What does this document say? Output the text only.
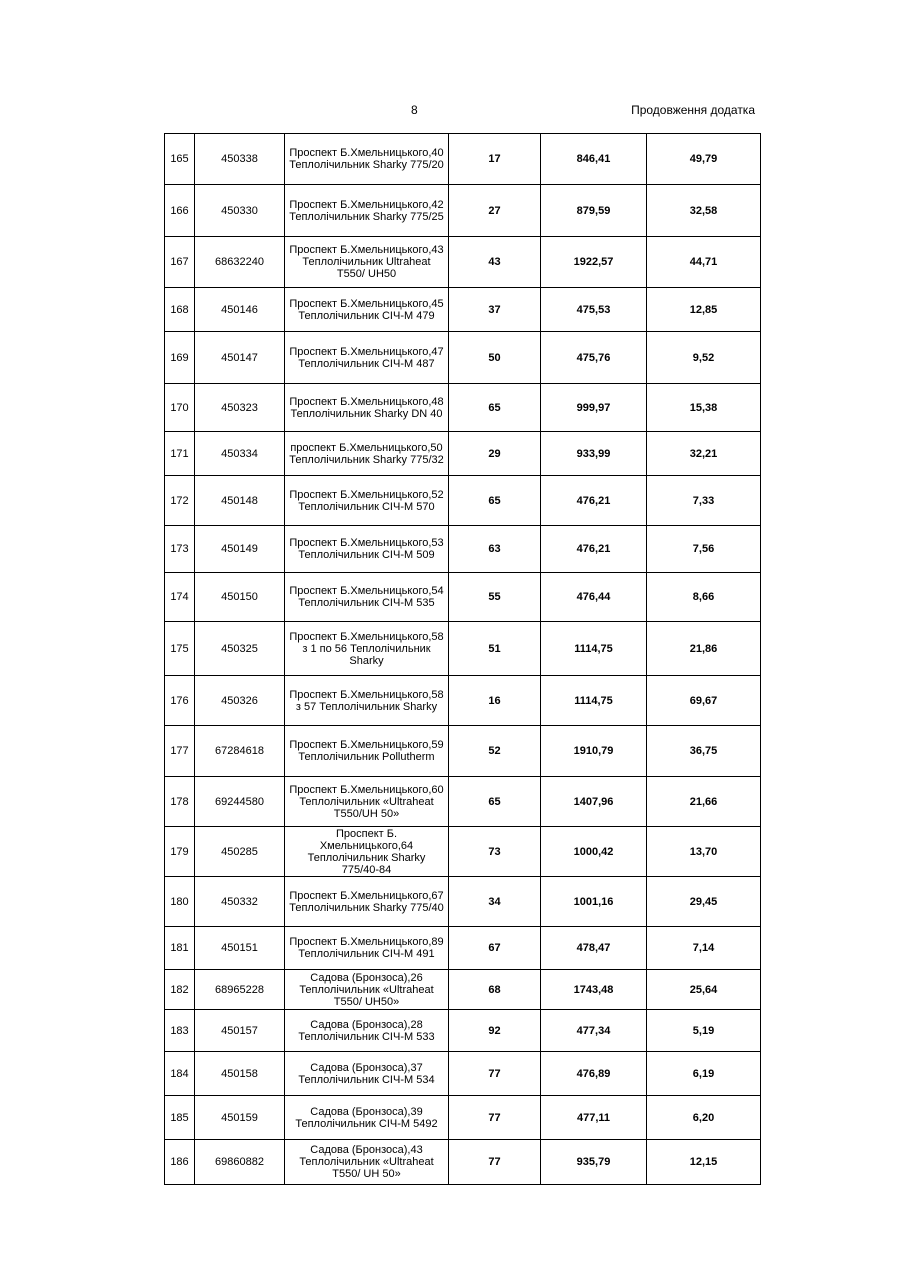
8	Продовження додатка
165	450338	Проспект Б.Хмельницького,40 Теплолічильник Sharky 775/20	17	846,41	49,79
166	450330	Проспект Б.Хмельницького,42 Теплолічильник Sharky 775/25	27	879,59	32,58
167	68632240	Проспект Б.Хмельницького,43 Теплолічильник Ultraheat T550/ UH50	43	1922,57	44,71
168	450146	Проспект Б.Хмельницького,45 Теплолічильник СІЧ-М 479	37	475,53	12,85
169	450147	Проспект Б.Хмельницького,47 Теплолічильник СІЧ-М 487	50	475,76	9,52
170	450323	Проспект Б.Хмельницького,48 Теплолічильник Sharky DN 40	65	999,97	15,38
171	450334	проспект Б.Хмельницького,50 Теплолічильник Sharky 775/32	29	933,99	32,21
172	450148	Проспект Б.Хмельницького,52 Теплолічильник СІЧ-М 570	65	476,21	7,33
173	450149	Проспект Б.Хмельницького,53 Теплолічильник СІЧ-М 509	63	476,21	7,56
174	450150	Проспект Б.Хмельницького,54 Теплолічильник СІЧ-М 535	55	476,44	8,66
175	450325	Проспект Б.Хмельницького,58 з 1 по 56 Теплолічильник Sharky	51	1114,75	21,86
176	450326	Проспект Б.Хмельницького,58 з 57 Теплолічильник Sharky	16	1114,75	69,67
177	67284618	Проспект Б.Хмельницького,59 Теплолічильник Pollutherm	52	1910,79	36,75
178	69244580	Проспект Б.Хмельницького,60 Теплолічильник «Ultraheat T550/UH 50»	65	1407,96	21,66
179	450285	Проспект Б. Хмельницького,64 Теплолічильник Sharky 775/40-84	73	1000,42	13,70
180	450332	Проспект Б.Хмельницького,67 Теплолічильник Sharky 775/40	34	1001,16	29,45
181	450151	Проспект Б.Хмельницького,89 Теплолічильник СІЧ-М 491	67	478,47	7,14
182	68965228	Садова (Бронзоса),26 Теплолічильник «Ultraheat T550/ UH50»	68	1743,48	25,64
183	450157	Садова (Бронзоса),28 Теплолічильник СІЧ-М 533	92	477,34	5,19
184	450158	Садова (Бронзоса),37 Теплолічильник СІЧ-М 534	77	476,89	6,19
185	450159	Садова (Бронзоса),39 Теплолічильник СІЧ-М 5492	77	477,11	6,20
186	69860882	Садова (Бронзоса),43 Теплолічильник «Ultraheat T550/ UH 50»	77	935,79	12,15
